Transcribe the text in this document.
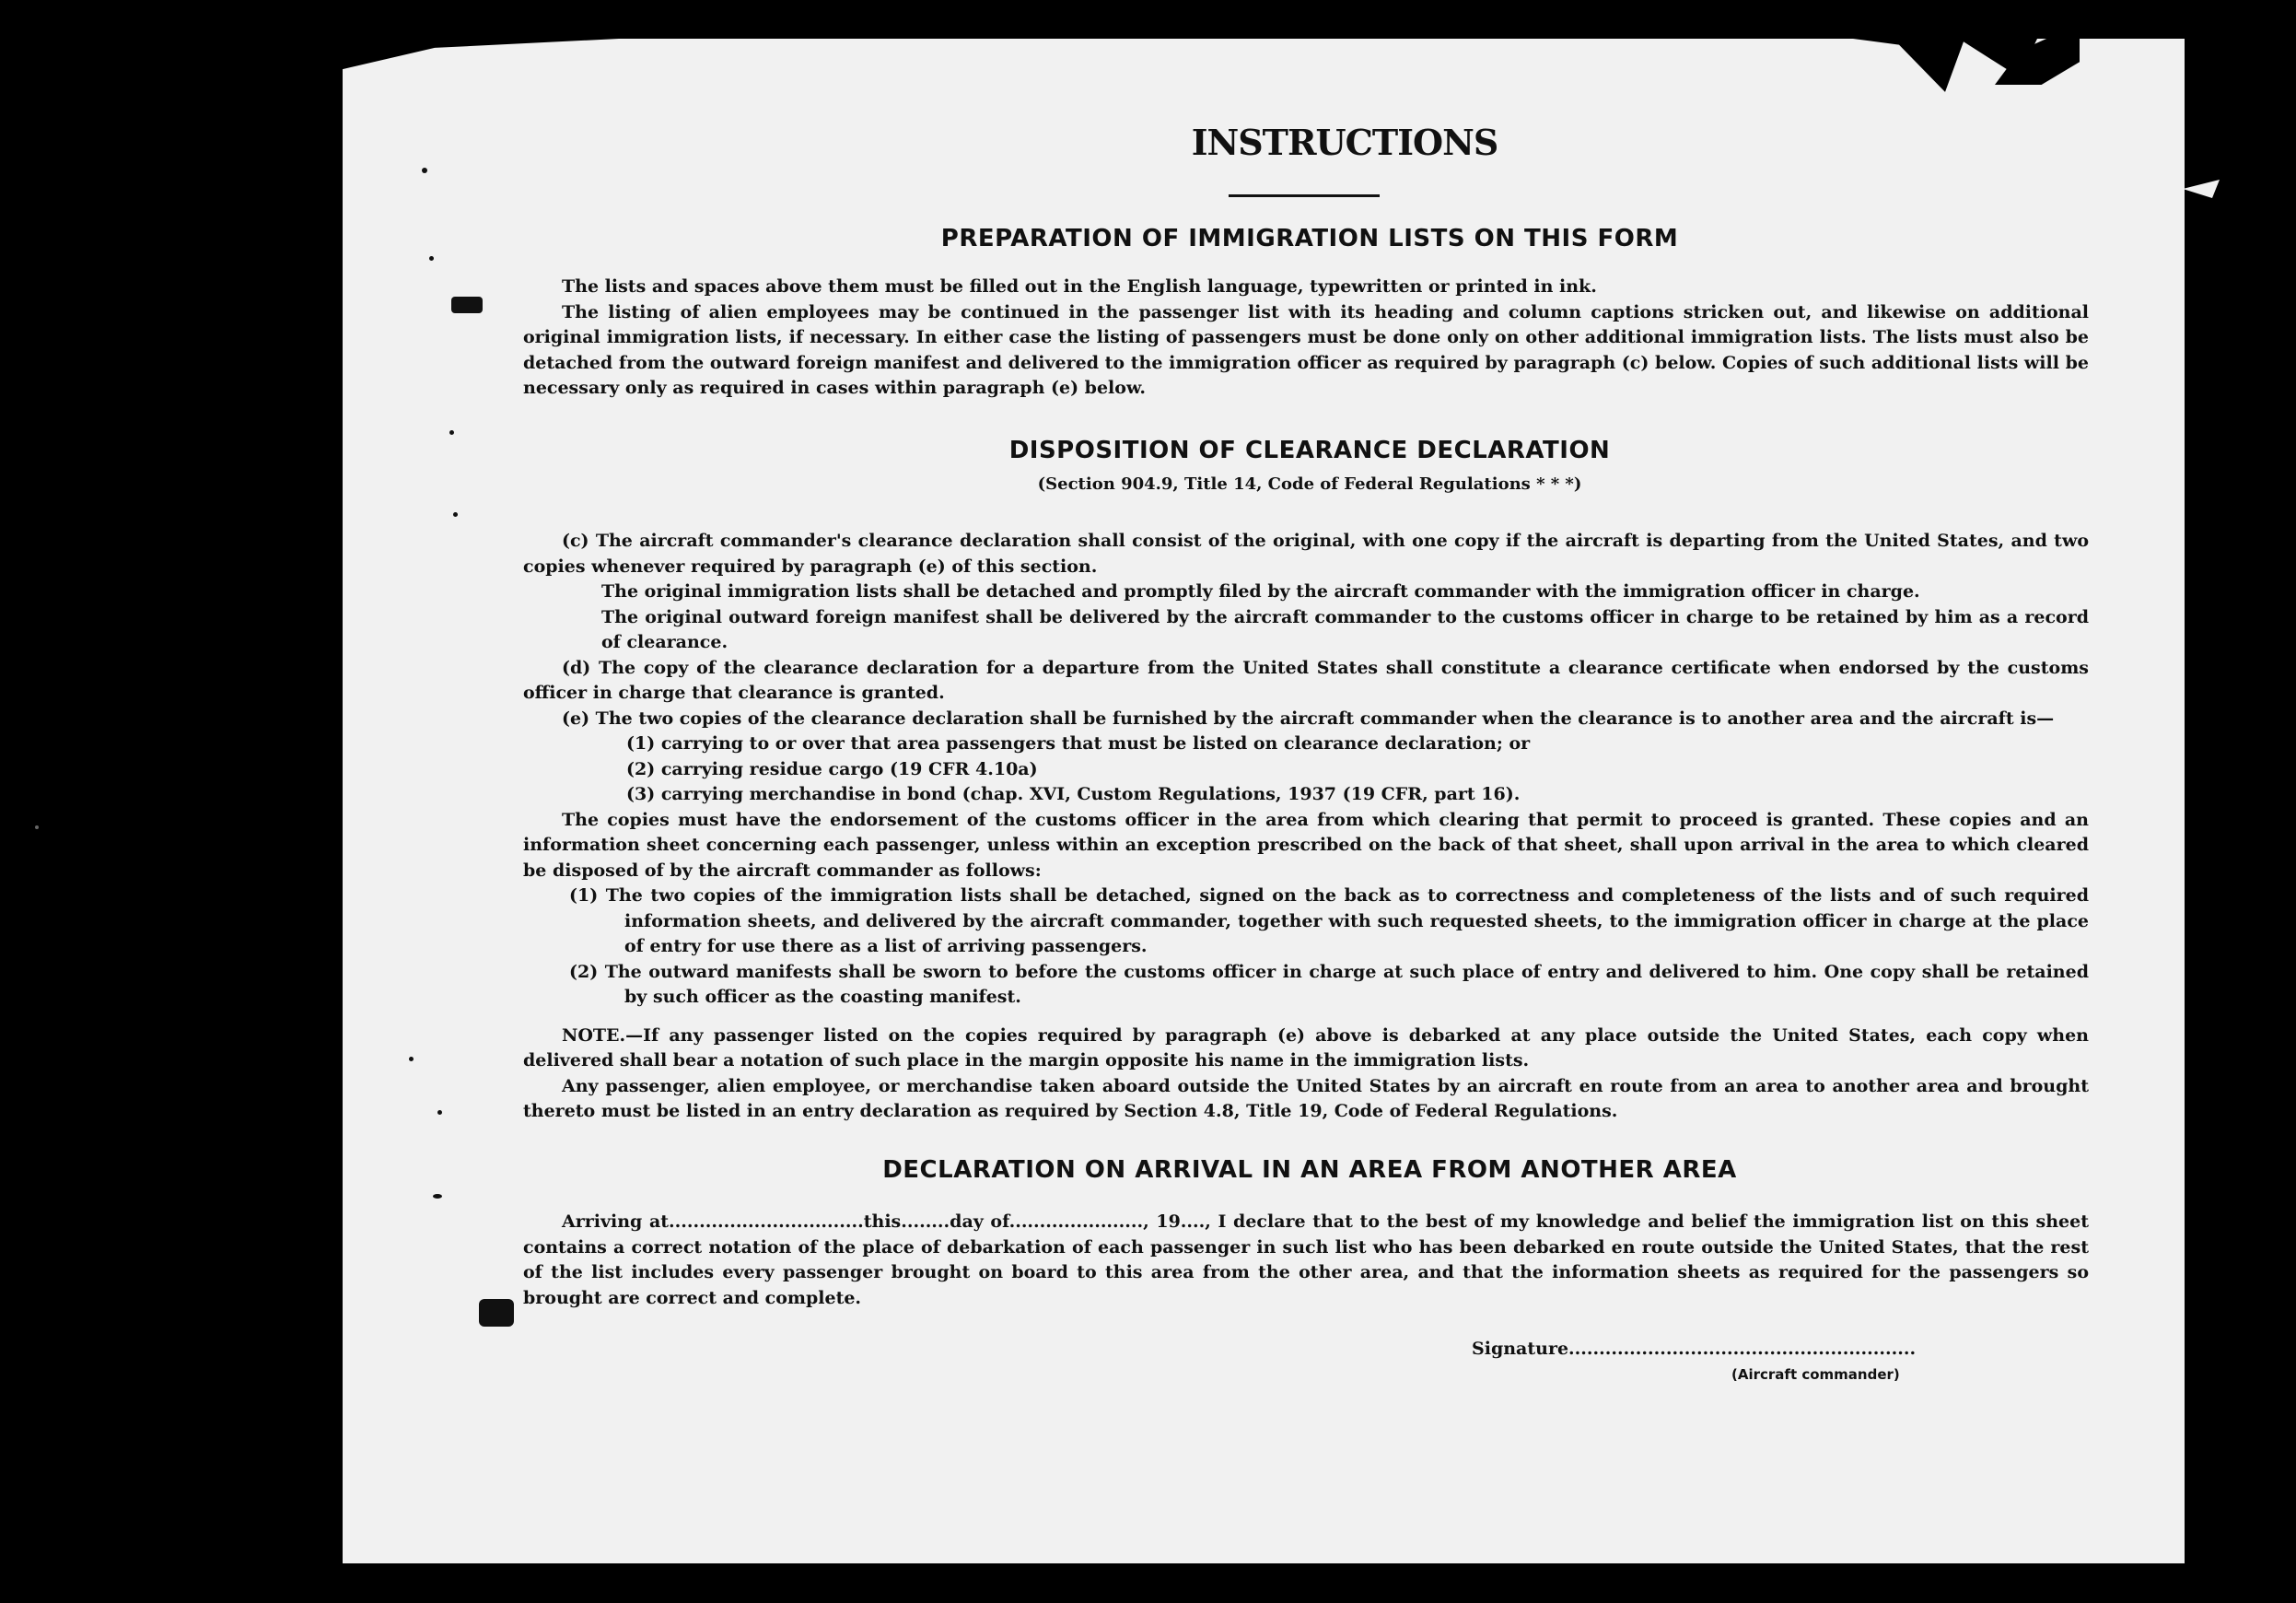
INSTRUCTIONS
PREPARATION OF IMMIGRATION LISTS ON THIS FORM

The lists and spaces above them must be filled out in the English language, typewritten or printed in ink.

The listing of alien employees may be continued in the passenger list with its heading and column captions stricken out, and likewise on additional original immigration lists, if necessary. In either case the listing of passengers must be done only on other additional immigration lists. The lists must also be detached from the outward foreign manifest and delivered to the immigration officer as required by paragraph (c) below. Copies of such additional lists will be necessary only as required in cases within paragraph (e) below.

DISPOSITION OF CLEARANCE DECLARATION
(Section 904.9, Title 14, Code of Federal Regulations * * *)

(c) The aircraft commander's clearance declaration shall consist of the original, with one copy if the aircraft is departing from the United States, and two copies whenever required by paragraph (e) of this section.

The original immigration lists shall be detached and promptly filed by the aircraft commander with the immigration officer in charge.

The original outward foreign manifest shall be delivered by the aircraft commander to the customs officer in charge to be retained by him as a record of clearance.

(d) The copy of the clearance declaration for a departure from the United States shall constitute a clearance certificate when endorsed by the customs officer in charge that clearance is granted.

(e) The two copies of the clearance declaration shall be furnished by the aircraft commander when the clearance is to another area and the aircraft is—

(1) carrying to or over that area passengers that must be listed on clearance declaration; or

(2) carrying residue cargo (19 CFR 4.10a)

(3) carrying merchandise in bond (chap. XVI, Custom Regulations, 1937 (19 CFR, part 16).

The copies must have the endorsement of the customs officer in the area from which clearing that permit to proceed is granted. These copies and an information sheet concerning each passenger, unless within an exception prescribed on the back of that sheet, shall upon arrival in the area to which cleared be disposed of by the aircraft commander as follows:

(1) The two copies of the immigration lists shall be detached, signed on the back as to correctness and completeness of the lists and of such required information sheets, and delivered by the aircraft commander, together with such requested sheets, to the immigration officer in charge at the place of entry for use there as a list of arriving passengers.

(2) The outward manifests shall be sworn to before the customs officer in charge at such place of entry and delivered to him. One copy shall be retained by such officer as the coasting manifest.

NOTE.—If any passenger listed on the copies required by paragraph (e) above is debarked at any place outside the United States, each copy when delivered shall bear a notation of such place in the margin opposite his name in the immigration lists.

Any passenger, alien employee, or merchandise taken aboard outside the United States by an aircraft en route from an area to another area and brought thereto must be listed in an entry declaration as required by Section 4.8, Title 19, Code of Federal Regulations.

DECLARATION ON ARRIVAL IN AN AREA FROM ANOTHER AREA

Arriving at................................this........day of......................, 19...., I declare that to the best of my knowledge and belief the immigration list on this sheet contains a correct notation of the place of debarkation of each passenger in such list who has been debarked en route outside the United States, that the rest of the list includes every passenger brought on board to this area from the other area, and that the information sheets as required for the passengers so brought are correct and complete.

Signature.........................................................
(Aircraft commander)
